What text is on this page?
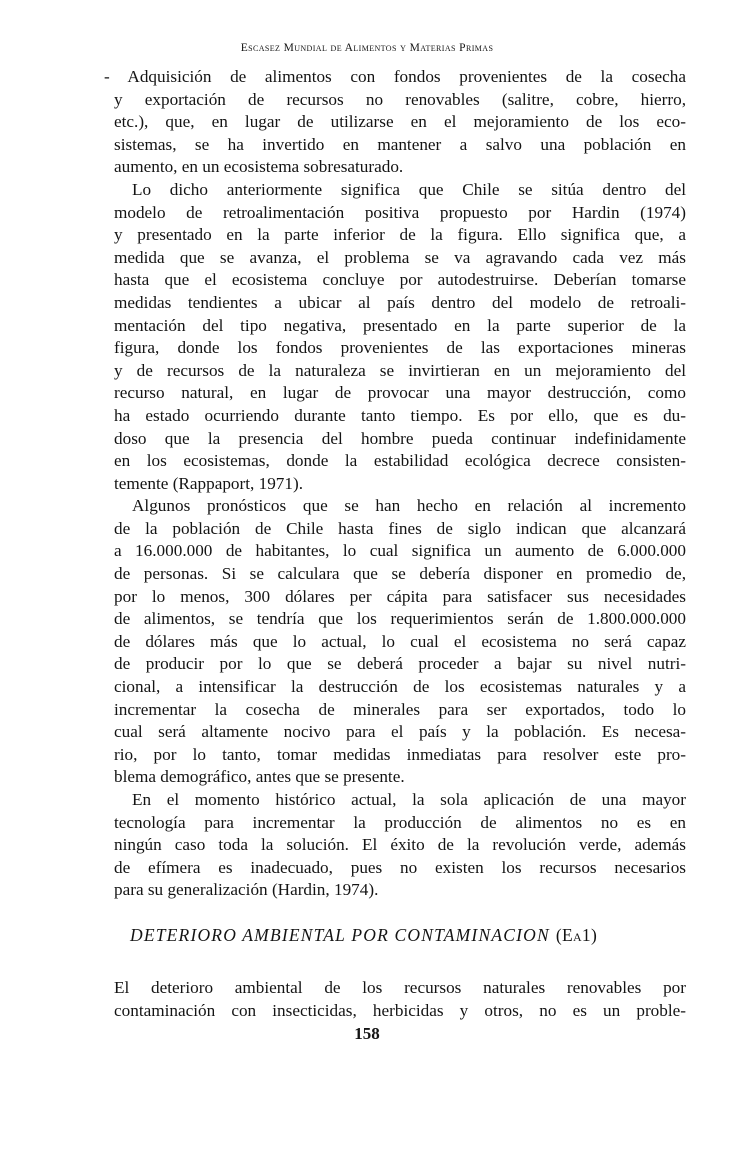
Escasez Mundial de Alimentos y Materias Primas

- Adquisición de alimentos con fondos provenientes de la cosecha
y exportación de recursos no renovables (salitre, cobre, hierro,
etc.), que, en lugar de utilizarse en el mejoramiento de los eco-
sistemas, se ha invertido en mantener a salvo una población en
aumento, en un ecosistema sobresaturado.

Lo dicho anteriormente significa que Chile se sitúa dentro del
modelo de retroalimentación positiva propuesto por Hardin (1974)
y presentado en la parte inferior de la figura. Ello significa que, a
medida que se avanza, el problema se va agravando cada vez más
hasta que el ecosistema concluye por autodestruirse. Deberían tomarse
medidas tendientes a ubicar al país dentro del modelo de retroali-
mentación del tipo negativa, presentado en la parte superior de la
figura, donde los fondos provenientes de las exportaciones mineras
y de recursos de la naturaleza se invirtieran en un mejoramiento del
recurso natural, en lugar de provocar una mayor destrucción, como
ha estado ocurriendo durante tanto tiempo. Es por ello, que es du-
doso que la presencia del hombre pueda continuar indefinidamente
en los ecosistemas, donde la estabilidad ecológica decrece consisten-
temente (Rappaport, 1971).

Algunos pronósticos que se han hecho en relación al incremento
de la población de Chile hasta fines de siglo indican que alcanzará
a 16.000.000 de habitantes, lo cual significa un aumento de 6.000.000
de personas. Si se calculara que se debería disponer en promedio de,
por lo menos, 300 dólares per cápita para satisfacer sus necesidades
de alimentos, se tendría que los requerimientos serán de 1.800.000.000
de dólares más que lo actual, lo cual el ecosistema no será capaz
de producir por lo que se deberá proceder a bajar su nivel nutri-
cional, a intensificar la destrucción de los ecosistemas naturales y a
incrementar la cosecha de minerales para ser exportados, todo lo
cual será altamente nocivo para el país y la población. Es necesa-
rio, por lo tanto, tomar medidas inmediatas para resolver este pro-
blema demográfico, antes que se presente.

En el momento histórico actual, la sola aplicación de una mayor
tecnología para incrementar la producción de alimentos no es en
ningún caso toda la solución. El éxito de la revolución verde, además
de efímera es inadecuado, pues no existen los recursos necesarios
para su generalización (Hardin, 1974).

DETERIORO AMBIENTAL POR CONTAMINACION (Ea1)

El deterioro ambiental de los recursos naturales renovables por
contaminación con insecticidas, herbicidas y otros, no es un proble-

158
